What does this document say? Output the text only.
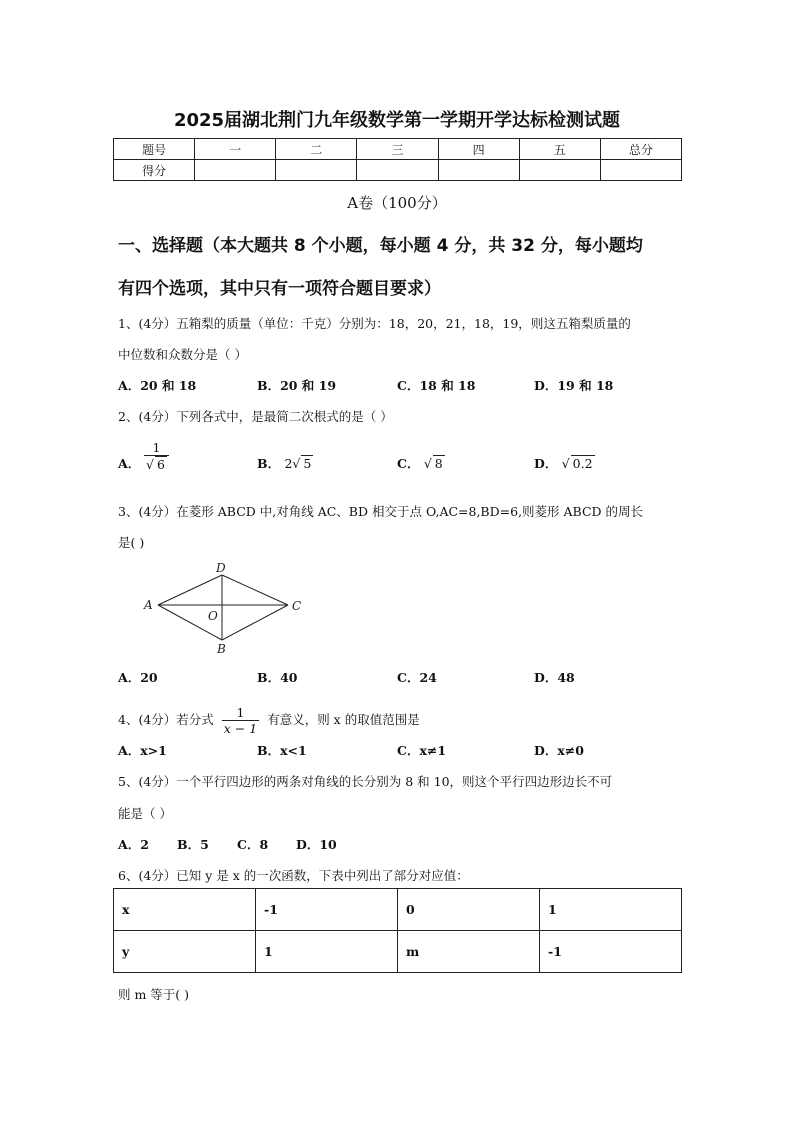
2025届湖北荆门九年级数学第一学期开学达标检测试题
题号	一	二	三	四	五	总分
得分						
A卷（100分）
一、选择题（本大题共 8 个小题，每小题 4 分，共 32 分，每小题均
有四个选项，其中只有一项符合题目要求）
1、(4分）五箱梨的质量（单位：千克）分别为：18，20，21，18，19，则这五箱梨质量的
中位数和众数分是（ ）
A．20 和 18	B．20 和 19	C．18 和 18	D．19 和 18
2、(4分）下列各式中，是最简二次根式的是（ ）
A． $\frac{1}{√ 6}$	B． 2√ 5	C． √ 8	D． √ 0.2
3、(4分）在菱形 ABCD 中,对角线 AC、BD 相交于点 O,AC=8,BD=6,则菱形 ABCD 的周长
是( )
A
D
C
B
O
A．20	B．40	C．24	D．48
4、(4分）若分式 $\frac{1}{x - 1}$ 有意义，则 x 的取值范围是
A．x>1	B．x<1	C．x≠1	D．x≠0
5、(4分）一个平行四边形的两条对角线的长分别为 8 和 10，则这个平行四边形边长不可
能是（ ）
A．2 B．5 C．8 D．10
6、(4分）已知 y 是 x 的一次函数，下表中列出了部分对应值：
x	-1	0	1
y	1	m	-1
则 m 等于( )
